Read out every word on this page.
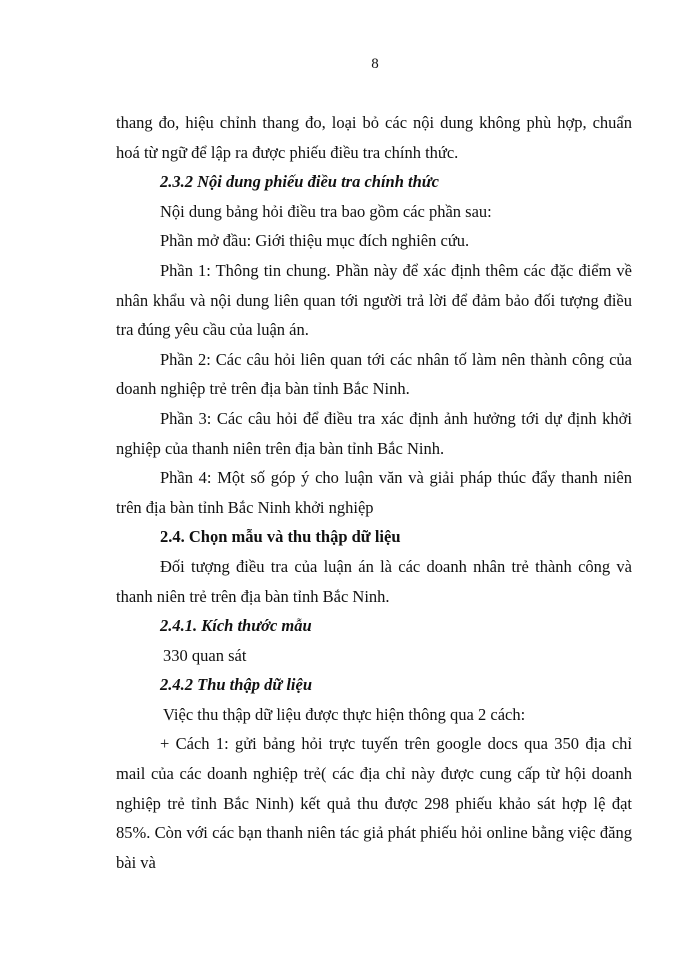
8

thang đo, hiệu chỉnh thang đo, loại bỏ các nội dung không phù hợp, chuẩn hoá từ ngữ để lập ra được phiếu điều tra chính thức.

2.3.2 Nội dung phiếu điều tra chính thức

Nội dung bảng hỏi điều tra bao gồm các phần sau:

Phần mở đầu: Giới thiệu mục đích nghiên cứu.

Phần 1: Thông tin chung. Phần này để xác định thêm các đặc điểm về nhân khẩu và nội dung liên quan tới người trả lời để đảm bảo đối tượng điều tra đúng yêu cầu của luận án.

Phần 2: Các câu hỏi liên quan tới các nhân tố làm nên thành công của doanh nghiệp trẻ trên địa bàn tỉnh Bắc Ninh.

Phần 3: Các câu hỏi để điều tra xác định ảnh hưởng tới dự định khởi nghiệp của thanh niên trên địa bàn tỉnh Bắc Ninh.

Phần 4: Một số góp ý cho luận văn và giải pháp thúc đẩy thanh niên trên địa bàn tỉnh Bắc Ninh khởi nghiệp

2.4. Chọn mẫu và thu thập dữ liệu

Đối tượng điều tra của luận án là các doanh nhân trẻ thành công và thanh niên trẻ trên địa bàn tỉnh Bắc Ninh.

2.4.1. Kích thước mẫu

330 quan sát

2.4.2 Thu thập dữ liệu

Việc thu thập dữ liệu được thực hiện thông qua 2 cách:

+ Cách 1: gửi bảng hỏi trực tuyến trên google docs qua 350 địa chỉ mail của các doanh nghiệp trẻ( các địa chỉ này được cung cấp từ hội doanh nghiệp trẻ tỉnh Bắc Ninh) kết quả thu được 298 phiếu khảo sát hợp lệ đạt 85%. Còn với các bạn thanh niên tác giả phát phiếu hỏi online bằng việc đăng bài và
